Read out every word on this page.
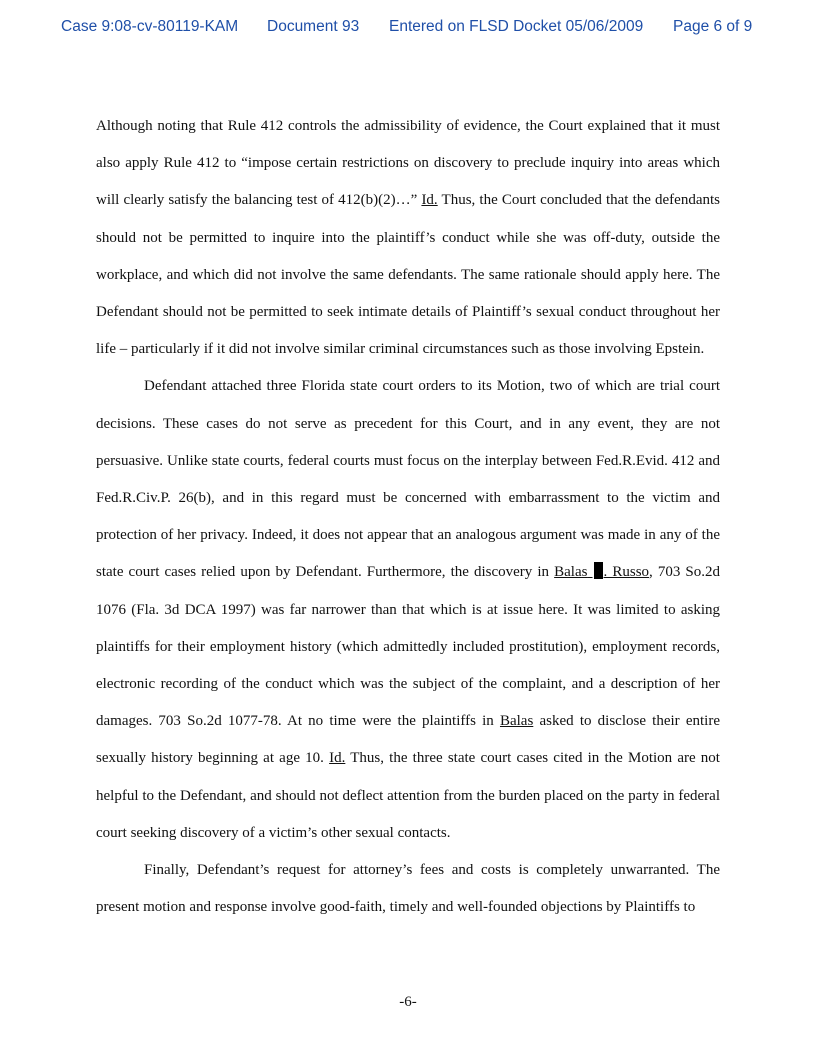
Case 9:08-cv-80119-KAM Document 93 Entered on FLSD Docket 05/06/2009 Page 6 of 9

Although noting that Rule 412 controls the admissibility of evidence, the Court explained that it must also apply Rule 412 to “impose certain restrictions on discovery to preclude inquiry into areas which will clearly satisfy the balancing test of 412(b)(2)…” Id. Thus, the Court concluded that the defendants should not be permitted to inquire into the plaintiff’s conduct while she was off-duty, outside the workplace, and which did not involve the same defendants. The same rationale should apply here. The Defendant should not be permitted to seek intimate details of Plaintiff’s sexual conduct throughout her life – particularly if it did not involve similar criminal circumstances such as those involving Epstein.

Defendant attached three Florida state court orders to its Motion, two of which are trial court decisions. These cases do not serve as precedent for this Court, and in any event, they are not persuasive. Unlike state courts, federal courts must focus on the interplay between Fed.R.Evid. 412 and Fed.R.Civ.P. 26(b), and in this regard must be concerned with embarrassment to the victim and protection of her privacy. Indeed, it does not appear that an analogous argument was made in any of the state court cases relied upon by Defendant. Furthermore, the discovery in Balas . Russo, 703 So.2d 1076 (Fla. 3d DCA 1997) was far narrower than that which is at issue here. It was limited to asking plaintiffs for their employment history (which admittedly included prostitution), employment records, electronic recording of the conduct which was the subject of the complaint, and a description of her damages. 703 So.2d 1077-78. At no time were the plaintiffs in Balas asked to disclose their entire sexually history beginning at age 10. Id. Thus, the three state court cases cited in the Motion are not helpful to the Defendant, and should not deflect attention from the burden placed on the party in federal court seeking discovery of a victim’s other sexual contacts.

Finally, Defendant’s request for attorney’s fees and costs is completely unwarranted. The present motion and response involve good-faith, timely and well-founded objections by Plaintiffs to

-6-
